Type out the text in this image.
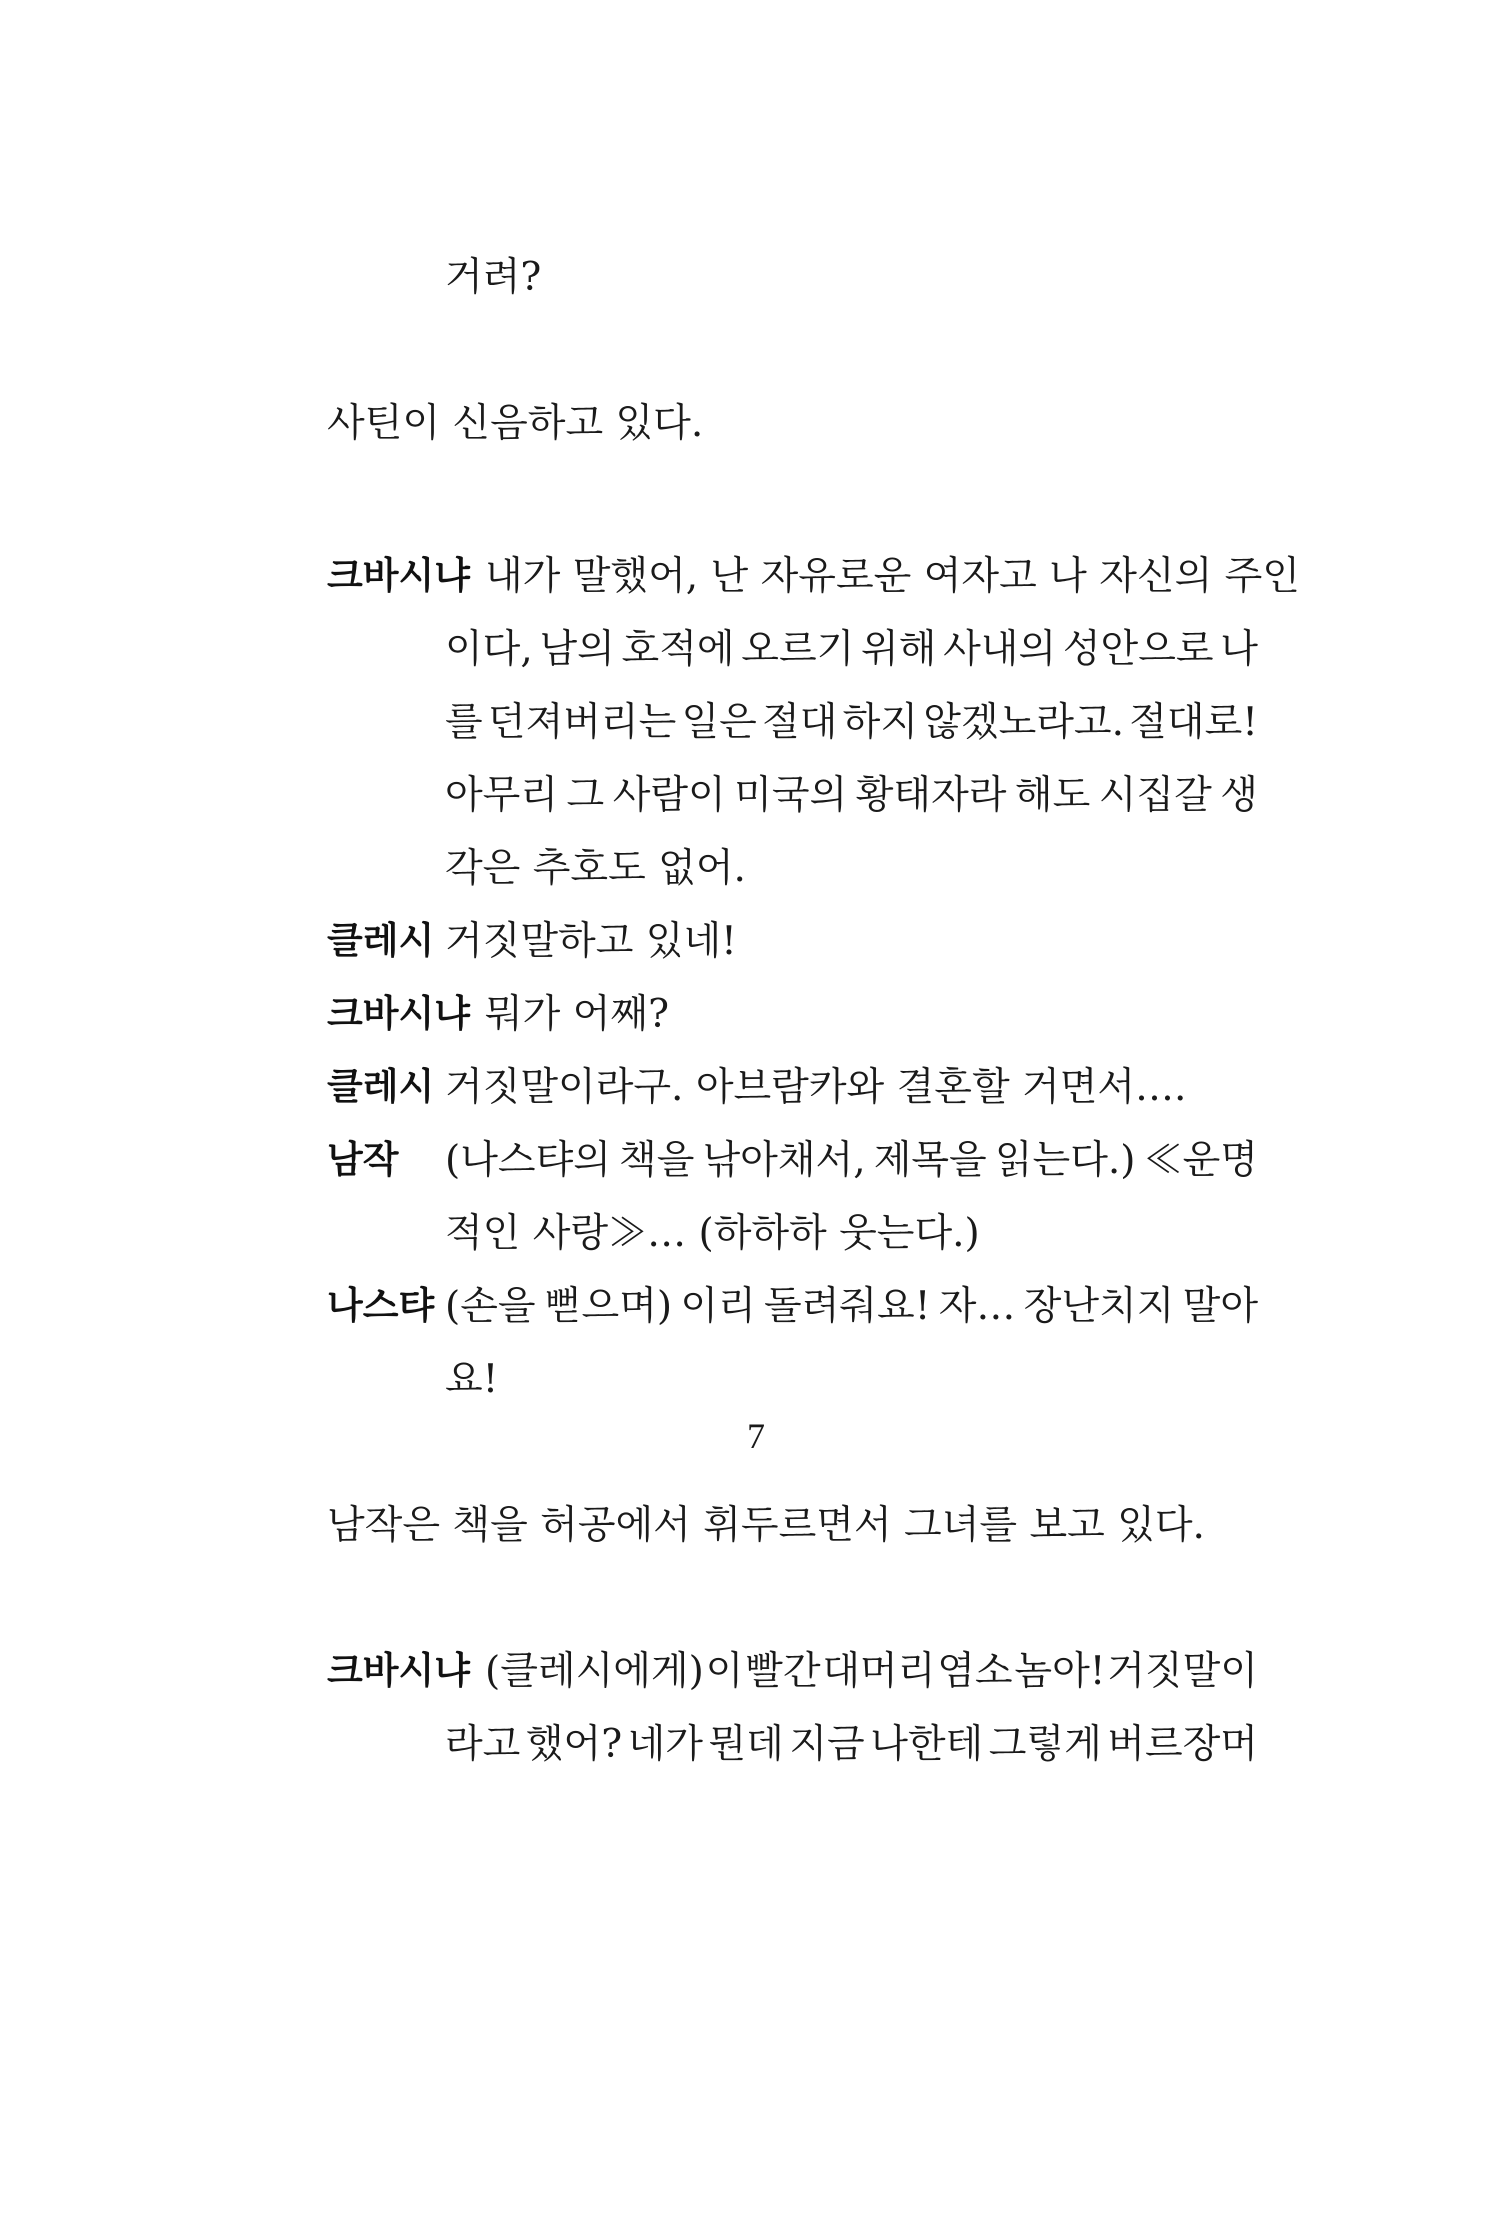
거려?
사틴이 신음하고 있다.
크바시냐 내가 말했어, 난 자유로운 여자고 나 자신의 주인
이다, 남의 호적에 오르기 위해 사내의 성안으로 나
를 던져버리는 일은 절대 하지 않겠노라고. 절대로!
아무리 그 사람이 미국의 황태자라 해도 시집갈 생
각은 추호도 없어.
클레시 거짓말하고 있네!
크바시냐 뭐가 어째?
클레시 거짓말이라구. 아브람카와 결혼할 거면서….
남작 (나스탸의 책을 낚아채서, 제목을 읽는다.) ≪운명
적인 사랑≫… (하하하 웃는다.)
나스탸 (손을 뻗으며) 이리 돌려줘요! 자… 장난치지 말아
요!
남작은 책을 허공에서 휘두르면서 그녀를 보고 있다.
크바시냐 (클레시에게) 이 빨간 대머리 염소 놈아! 거짓말이
라고 했어? 네가 뭔데 지금 나한테 그렇게 버르장머
7
